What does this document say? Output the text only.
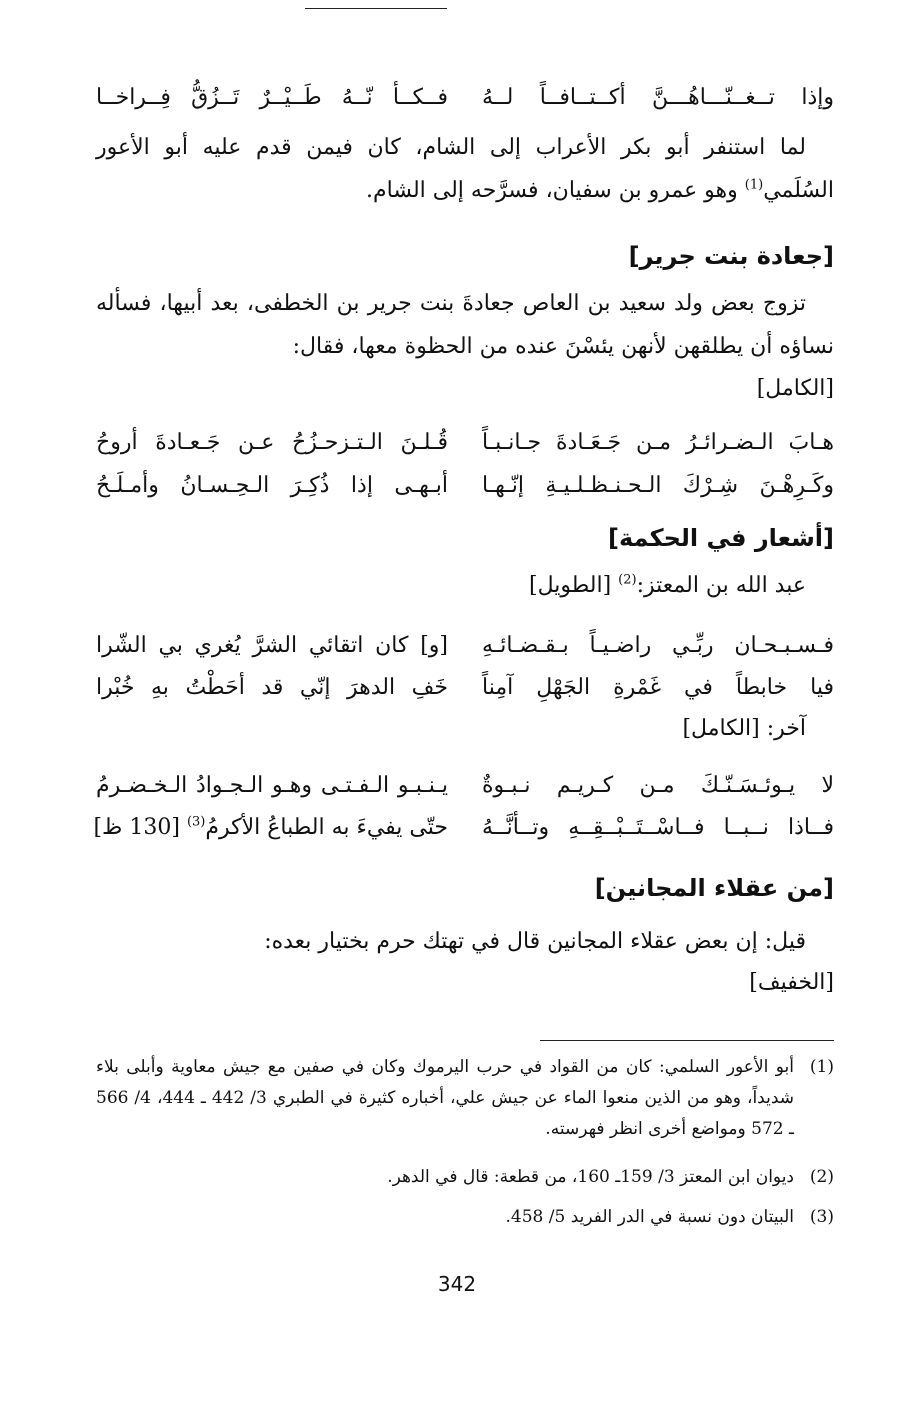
وإذا تــغــنّـــاهُـــنَّ أكــتــافــاً لــهُ
فــكــأ نّــهُ طَــيْــرٌ تَــزُقُّ فِــراخــا
لما استنفر أبو بكر الأعراب إلى الشام، كان فيمن قدم عليه أبو الأعور السُلَمي$^{(1)}$ وهو عمرو بن سفيان، فسرَّحه إلى الشام.
[جعادة بنت جرير]
تزوج بعض ولد سعيد بن العاص جعادةَ بنت جرير بن الخطفى، بعد أبيها، فسأله نساؤه أن يطلقهن لأنهن يئسْنَ عنده من الحظوة معها، فقال:
[الكامل]
هـابَ الـضـرائـرُ مـن جَـعَـادةَ جـانـبـاً
قُـلـنَ الـتـزحـزُحُ عـن جَـعـادةَ أروحُ
وكَـرِهْـنَ شِـرْكَ الـحـنـظـلـيـةِ إنّـهـا
أبـهـى إذا ذُكِـرَ الـحِـسـانُ وأمـلَـحُ
[أشعار في الحكمة]
عبد الله بن المعتز:$^{(2)}$ [الطويل]
فـسـبـحـان ربِّـي راضـيـاً بـقـضـائـهِ
[و] كان اتقائي الشرَّ يُغري بي الشّرا
فيا خابطاً في غَمْرةِ الجَهْلِ آمِناً
خَفِ الدهرَ إنّي قد أحَطْتُ بهِ خُبْرا
آخر: [الكامل]
لا يـوئـسَـنّـكَ مـن كـريـم نـبـوةٌ
يـنـبـو الـفـتـى وهـو الـجـوادُ الـخـضـرمُ
فــاذا نــبــا فــاسْــتَــبْــقِــهِ وتــأنَّــهُ
حتّى يفيءَ به الطباعُ الأكرمُ$^{(3)}$ [130 ظ]
[من عقلاء المجانين]
قيل: إن بعض عقلاء المجانين قال في تهتك حرم بختيار بعده:
[الخفيف]
(1)
أبو الأعور السلمي: كان من القواد في حرب اليرموك وكان في صفين مع جيش معاوية وأبلى بلاء شديداً، وهو من الذين منعوا الماء عن جيش علي، أخباره كثيرة في الطبري 3/ 442 ـ 444، 4/ 566 ـ 572 ومواضع أخرى انظر فهرسته.
(2)
ديوان ابن المعتز 3/ 159ـ 160، من قطعة: قال في الدهر.
(3)
البيتان دون نسبة في الدر الفريد 5/ 458.
342
